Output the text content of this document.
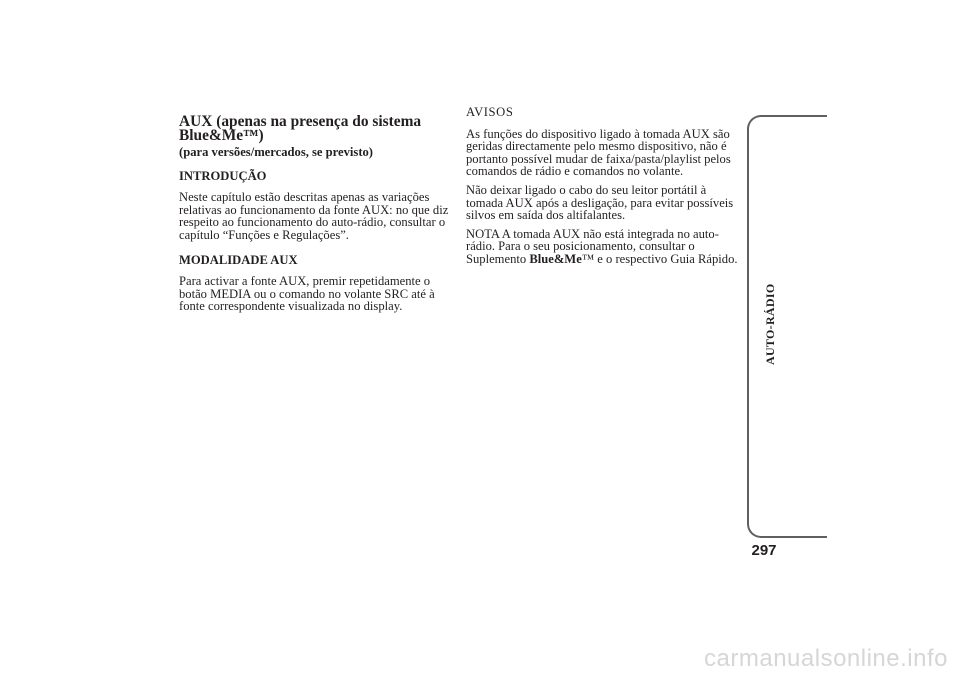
AUX (apenas na presença do sistema Blue&Me™)
(para versões/mercados, se previsto)
INTRODUÇÃO

Neste capítulo estão descritas apenas as variações relativas ao funcionamento da fonte AUX: no que diz respeito ao funcionamento do auto-rádio, consultar o capítulo “Funções e Regulações”.

MODALIDADE AUX

Para activar a fonte AUX, premir repetidamente o botão MEDIA ou o comando no volante SRC até à fonte correspondente visualizada no display.

AVISOS

As funções do dispositivo ligado à tomada AUX são geridas directamente pelo mesmo dispositivo, não é portanto possível mudar de faixa/pasta/playlist pelos comandos de rádio e comandos no volante.

Não deixar ligado o cabo do seu leitor portátil à tomada AUX após a desligação, para evitar possíveis silvos em saída dos altifalantes.

NOTA A tomada AUX não está integrada no auto-rádio. Para o seu posicionamento, consultar o Suplemento Blue&Me™ e o respectivo Guia Rápido.

AUTO-RÁDIO
297
carmanualsonline.info
